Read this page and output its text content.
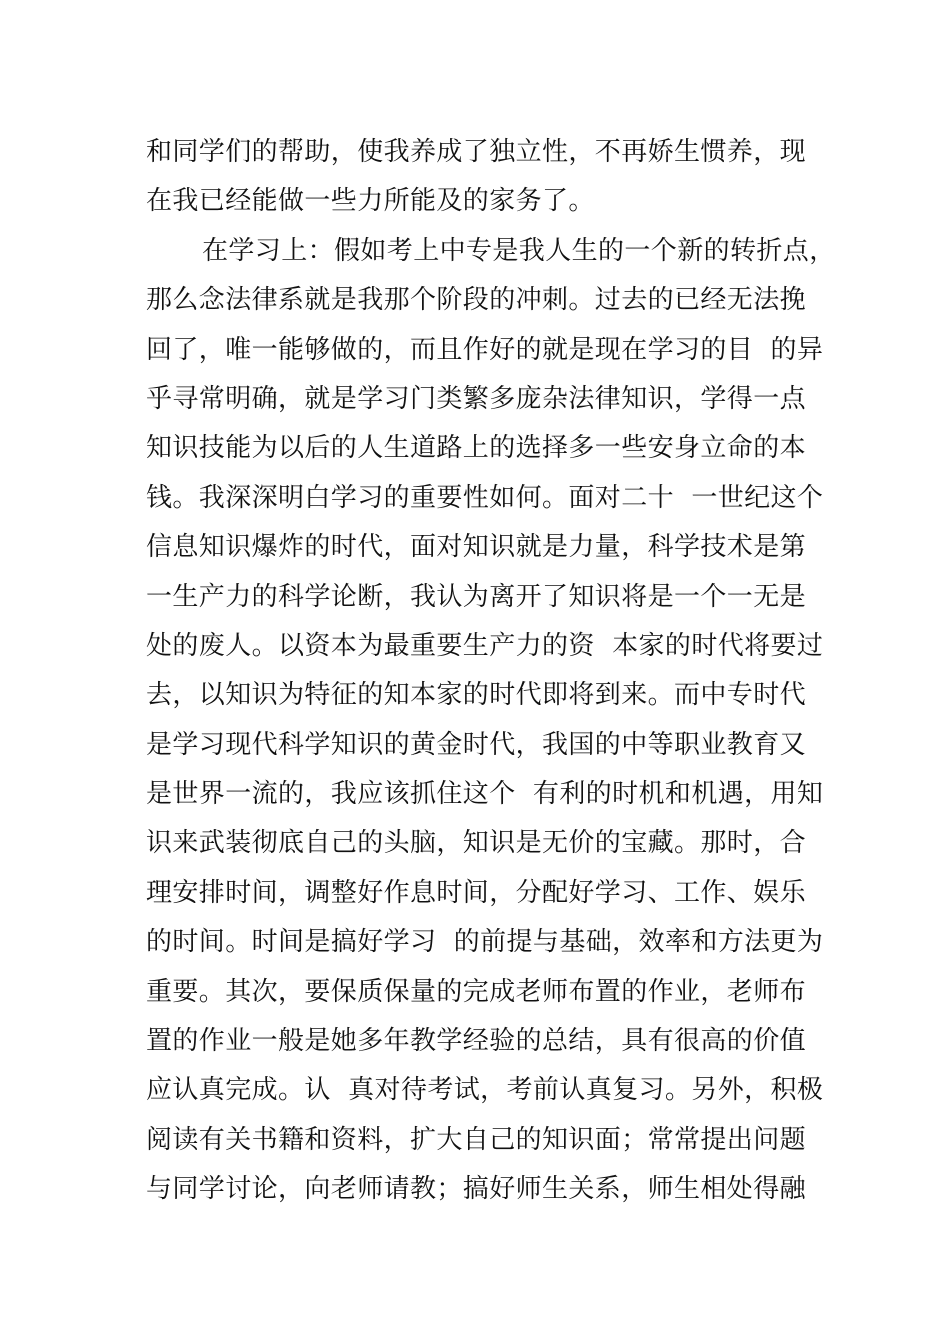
和同学们的帮助，使我养成了独立性，不再娇生惯养，现
在我已经能做一些力所能及的家务了。
在学习上：假如考上中专是我人生的一个新的转折点，
那么念法律系就是我那个阶段的冲刺。过去的已经无法挽
回了，唯一能够做的，而且作好的就是现在学习的目  的异
乎寻常明确，就是学习门类繁多庞杂法律知识，学得一点
知识技能为以后的人生道路上的选择多一些安身立命的本
钱。我深深明白学习的重要性如何。面对二十  一世纪这个
信息知识爆炸的时代，面对知识就是力量，科学技术是第
一生产力的科学论断，我认为离开了知识将是一个一无是
处的废人。以资本为最重要生产力的资  本家的时代将要过
去，以知识为特征的知本家的时代即将到来。而中专时代
是学习现代科学知识的黄金时代，我国的中等职业教育又
是世界一流的，我应该抓住这个  有利的时机和机遇，用知
识来武装彻底自己的头脑，知识是无价的宝藏。那时，合
理安排时间，调整好作息时间，分配好学习、工作、娱乐
的时间。时间是搞好学习  的前提与基础，效率和方法更为
重要。其次，要保质保量的完成老师布置的作业，老师布
置的作业一般是她多年教学经验的总结，具有很高的价值
应认真完成。认  真对待考试，考前认真复习。另外，积极
阅读有关书籍和资料，扩大自己的知识面；常常提出问题
与同学讨论，向老师请教；搞好师生关系，师生相处得融
